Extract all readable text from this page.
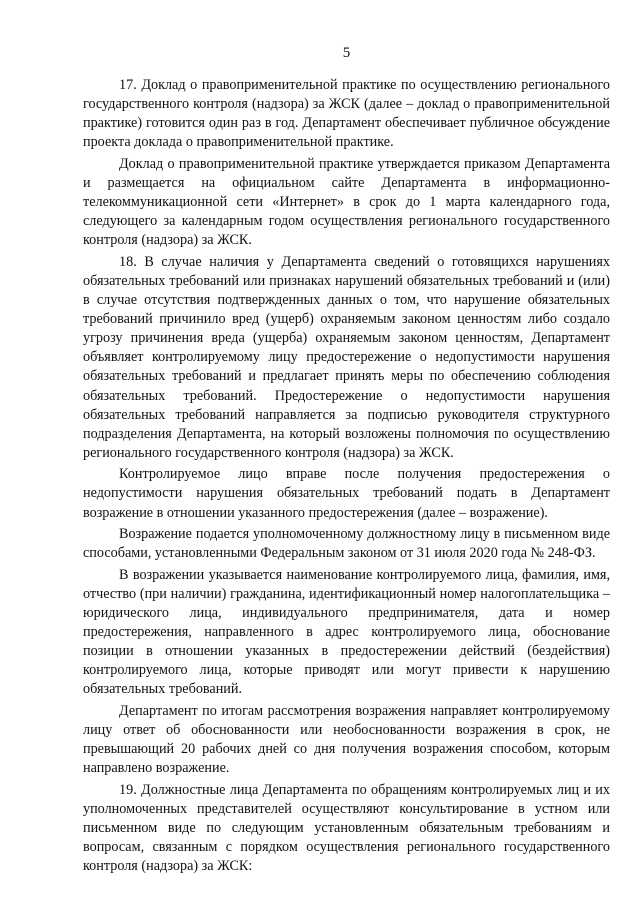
5

17. Доклад о правоприменительной практике по осуществлению регионального государственного контроля (надзора) за ЖСК (далее – доклад о правоприменительной практике) готовится один раз в год. Департамент обеспечивает публичное обсуждение проекта доклада о правоприменительной практике.

Доклад о правоприменительной практике утверждается приказом Департамента и размещается на официальном сайте Департамента в информационно-телекоммуникационной сети «Интернет» в срок до 1 марта календарного года, следующего за календарным годом осуществления регионального государственного контроля (надзора) за ЖСК.

18. В случае наличия у Департамента сведений о готовящихся нарушениях обязательных требований или признаках нарушений обязательных требований и (или) в случае отсутствия подтвержденных данных о том, что нарушение обязательных требований причинило вред (ущерб) охраняемым законом ценностям либо создало угрозу причинения вреда (ущерба) охраняемым законом ценностям, Департамент объявляет контролируемому лицу предостережение о недопустимости нарушения обязательных требований и предлагает принять меры по обеспечению соблюдения обязательных требований. Предостережение о недопустимости нарушения обязательных требований направляется за подписью руководителя структурного подразделения Департамента, на который возложены полномочия по осуществлению регионального государственного контроля (надзора) за ЖСК.

Контролируемое лицо вправе после получения предостережения о недопустимости нарушения обязательных требований подать в Департамент возражение в отношении указанного предостережения (далее – возражение).

Возражение подается уполномоченному должностному лицу в письменном виде способами, установленными Федеральным законом от 31 июля 2020 года № 248-ФЗ.

В возражении указывается наименование контролируемого лица, фамилия, имя, отчество (при наличии) гражданина, идентификационный номер налогоплательщика – юридического лица, индивидуального предпринимателя, дата и номер предостережения, направленного в адрес контролируемого лица, обоснование позиции в отношении указанных в предостережении действий (бездействия) контролируемого лица, которые приводят или могут привести к нарушению обязательных требований.

Департамент по итогам рассмотрения возражения направляет контролируемому лицу ответ об обоснованности или необоснованности возражения в срок, не превышающий 20 рабочих дней со дня получения возражения способом, которым направлено возражение.

19. Должностные лица Департамента по обращениям контролируемых лиц и их уполномоченных представителей осуществляют консультирование в устном или письменном виде по следующим установленным обязательным требованиям и вопросам, связанным с порядком осуществления регионального государственного контроля (надзора) за ЖСК:
